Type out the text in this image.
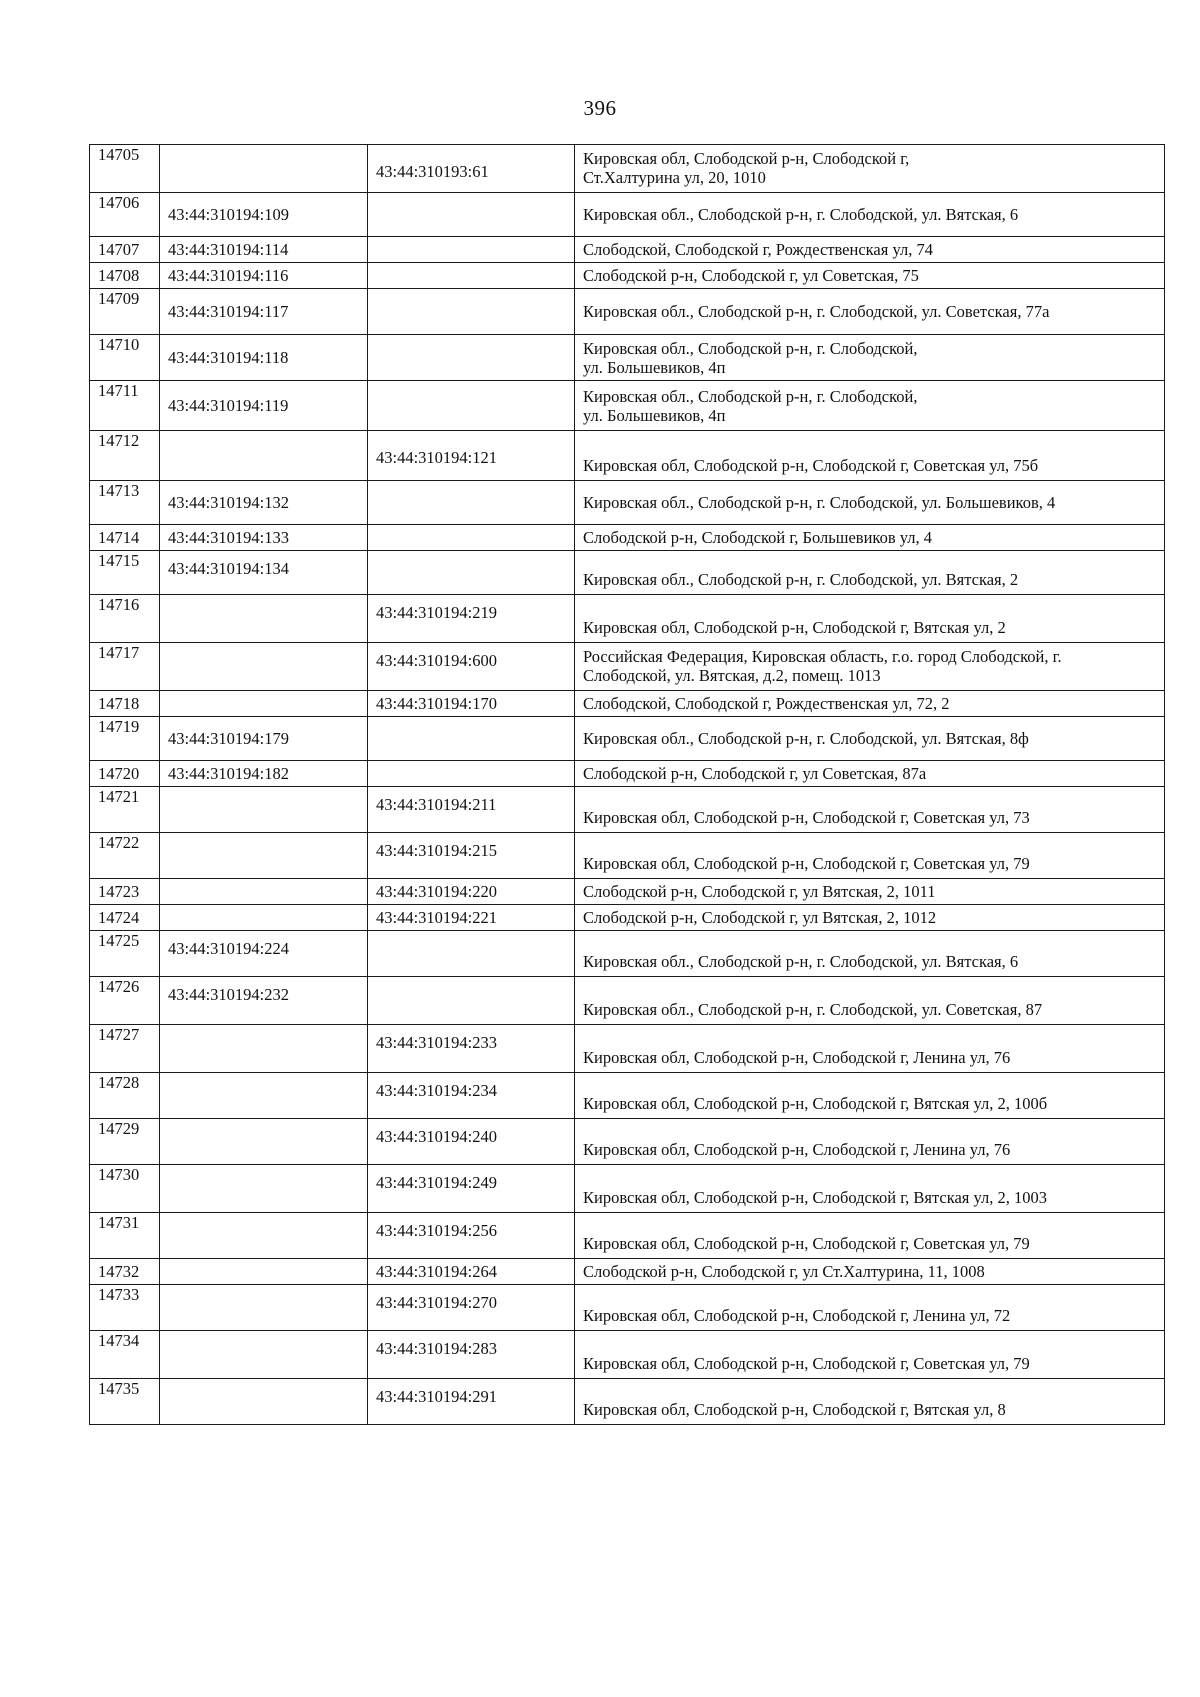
396
14705		43:44:310193:61	Кировская обл, Слободской р-н, Слободской г,
Ст.Халтурина ул, 20, 1010

14706	43:44:310194:109		Кировская обл., Слободской р-н, г. Слободской, ул. Вятская, 6

14707	43:44:310194:114		Слободской, Слободской г, Рождественская ул, 74

14708	43:44:310194:116		Слободской р-н, Слободской г, ул Советская, 75

14709	43:44:310194:117		Кировская обл., Слободской р-н, г. Слободской, ул. Советская, 77а

14710	43:44:310194:118		Кировская обл., Слободской р-н, г. Слободской,
ул. Большевиков, 4п

14711	43:44:310194:119		Кировская обл., Слободской р-н, г. Слободской,
ул. Большевиков, 4п

14712		43:44:310194:121	Кировская обл, Слободской р-н, Слободской г, Советская ул, 75б

14713	43:44:310194:132		Кировская обл., Слободской р-н, г. Слободской, ул. Большевиков, 4

14714	43:44:310194:133		Слободской р-н, Слободской г, Большевиков ул, 4

14715	43:44:310194:134		Кировская обл., Слободской р-н, г. Слободской, ул. Вятская, 2

14716		43:44:310194:219	Кировская обл, Слободской р-н, Слободской г, Вятская ул, 2

14717		43:44:310194:600	Российская Федерация, Кировская область, г.о. город Слободской, г.
Слободской, ул. Вятская, д.2, помещ. 1013

14718		43:44:310194:170	Слободской, Слободской г, Рождественская ул, 72, 2

14719	43:44:310194:179		Кировская обл., Слободской р-н, г. Слободской, ул. Вятская, 8ф

14720	43:44:310194:182		Слободской р-н, Слободской г, ул Советская, 87а

14721		43:44:310194:211	Кировская обл, Слободской р-н, Слободской г, Советская ул, 73

14722		43:44:310194:215	Кировская обл, Слободской р-н, Слободской г, Советская ул, 79

14723		43:44:310194:220	Слободской р-н, Слободской г, ул Вятская, 2, 1011

14724		43:44:310194:221	Слободской р-н, Слободской г, ул Вятская, 2, 1012

14725	43:44:310194:224		Кировская обл., Слободской р-н, г. Слободской, ул. Вятская, 6

14726	43:44:310194:232		Кировская обл., Слободской р-н, г. Слободской, ул. Советская, 87

14727		43:44:310194:233	Кировская обл, Слободской р-н, Слободской г, Ленина ул, 76

14728		43:44:310194:234	Кировская обл, Слободской р-н, Слободской г, Вятская ул, 2, 100б

14729		43:44:310194:240	Кировская обл, Слободской р-н, Слободской г, Ленина ул, 76

14730		43:44:310194:249	Кировская обл, Слободской р-н, Слободской г, Вятская ул, 2, 1003

14731		43:44:310194:256	Кировская обл, Слободской р-н, Слободской г, Советская ул, 79

14732		43:44:310194:264	Слободской р-н, Слободской г, ул Ст.Халтурина, 11, 1008

14733		43:44:310194:270	Кировская обл, Слободской р-н, Слободской г, Ленина ул, 72

14734		43:44:310194:283	Кировская обл, Слободской р-н, Слободской г, Советская ул, 79

14735		43:44:310194:291	Кировская обл, Слободской р-н, Слободской г, Вятская ул, 8
